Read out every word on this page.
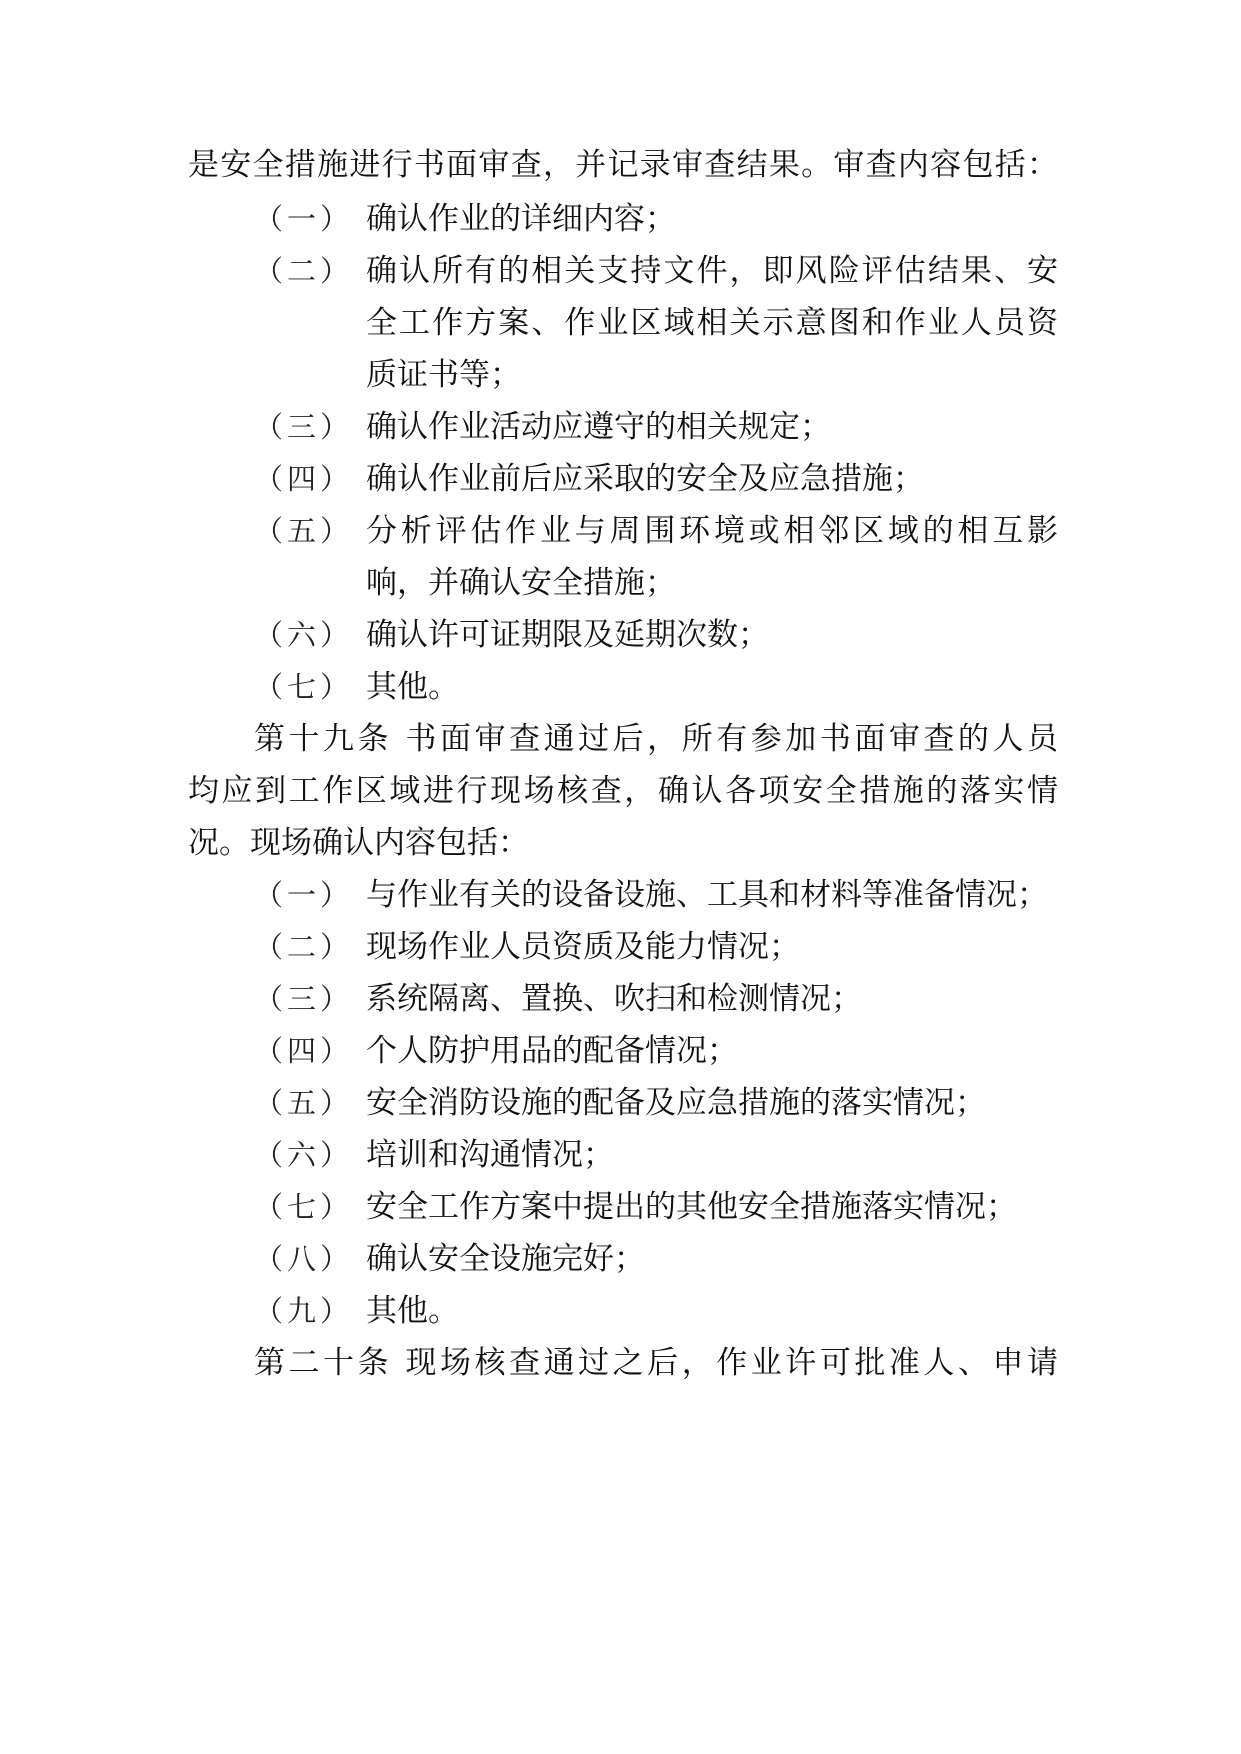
是安全措施进行书面审查，并记录审查结果。审查内容包括：
（一） 确认作业的详细内容；
（二） 确认所有的相关支持文件，即风险评估结果、安
全工作方案、作业区域相关示意图和作业人员资
质证书等；
（三） 确认作业活动应遵守的相关规定；
（四） 确认作业前后应采取的安全及应急措施；
（五） 分析评估作业与周围环境或相邻区域的相互影
响，并确认安全措施；
（六） 确认许可证期限及延期次数；
（七） 其他。
第十九条 书面审查通过后，所有参加书面审查的人员
均应到工作区域进行现场核查，确认各项安全措施的落实情
况。现场确认内容包括：
（一） 与作业有关的设备设施、工具和材料等准备情况；
（二） 现场作业人员资质及能力情况；
（三） 系统隔离、置换、吹扫和检测情况；
（四） 个人防护用品的配备情况；
（五） 安全消防设施的配备及应急措施的落实情况；
（六） 培训和沟通情况；
（七） 安全工作方案中提出的其他安全措施落实情况；
（八） 确认安全设施完好；
（九） 其他。
第二十条 现场核查通过之后，作业许可批准人、申请
